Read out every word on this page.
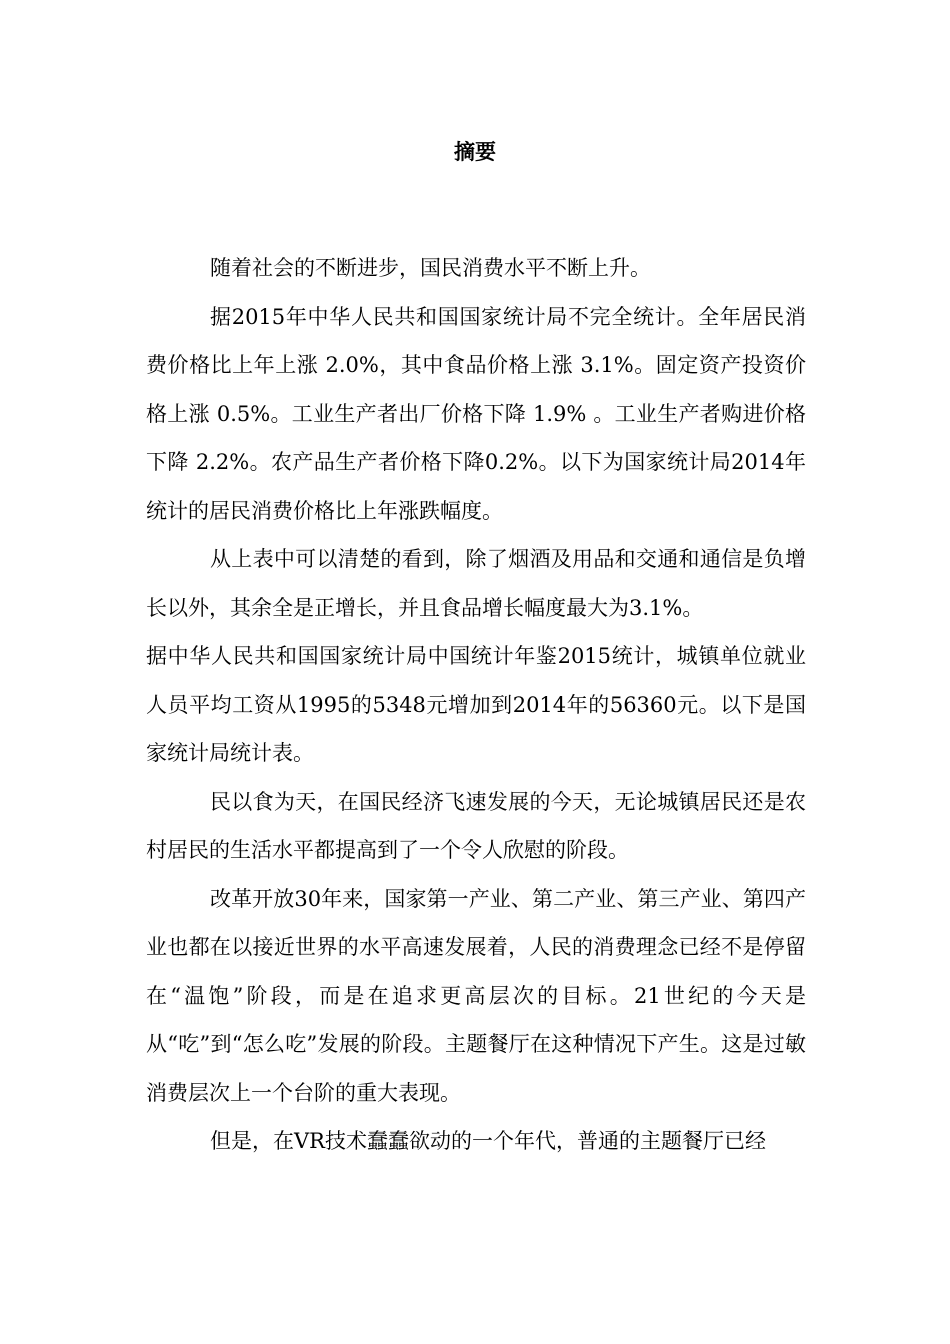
摘要

随着社会的不断进步，国民消费水平不断上升。

据2015年中华人民共和国国家统计局不完全统计。全年居民消费价格比上年上涨 2.0%，其中食品价格上涨 3.1%。固定资产投资价格上涨 0.5%。工业生产者出厂价格下降 1.9% 。工业生产者购进价格下降 2.2%。农产品生产者价格下降0.2%。以下为国家统计局2014年统计的居民消费价格比上年涨跌幅度。

从上表中可以清楚的看到，除了烟酒及用品和交通和通信是负增长以外，其余全是正增长，并且食品增长幅度最大为3.1%。

据中华人民共和国国家统计局中国统计年鉴2015统计，城镇单位就业人员平均工资从1995的5348元增加到2014年的56360元。以下是国家统计局统计表。

民以食为天，在国民经济飞速发展的今天，无论城镇居民还是农村居民的生活水平都提高到了一个令人欣慰的阶段。

改革开放30年来，国家第一产业、第二产业、第三产业、第四产业也都在以接近世界的水平高速发展着，人民的消费理念已经不是停留在“温饱”阶段，而是在追求更高层次的目标。21世纪的今天是从“吃”到“怎么吃”发展的阶段。主题餐厅在这种情况下产生。这是过敏消费层次上一个台阶的重大表现。

但是，在VR技术蠢蠢欲动的一个年代，普通的主题餐厅已经
